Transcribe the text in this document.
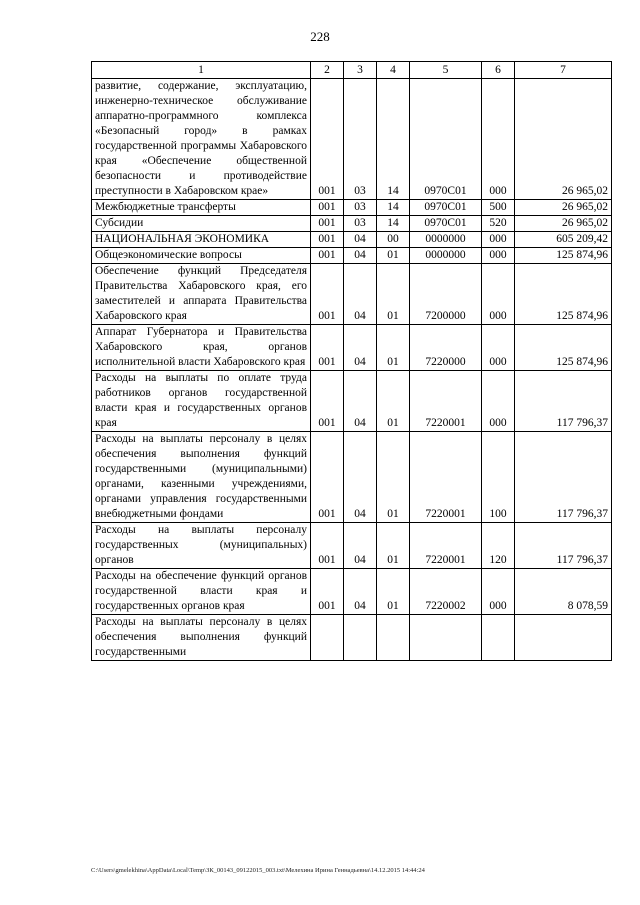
228
1	2	3	4	5	6	7
развитие, содержание, эксплуатацию, инженерно-техническое обслуживание аппаратно-программного комплекса «Безопасный город» в рамках государственной программы Хабаровского края «Обеспечение общественной безопасности и противодействие преступности в Хабаровском крае»	001	03	14	0970С01	000	26 965,02
Межбюджетные трансферты	001	03	14	0970С01	500	26 965,02
Субсидии	001	03	14	0970С01	520	26 965,02
НАЦИОНАЛЬНАЯ ЭКОНОМИКА	001	04	00	0000000	000	605 209,42
Общеэкономические вопросы	001	04	01	0000000	000	125 874,96
Обеспечение функций Председателя Правительства Хабаровского края, его заместителей и аппарата Правительства Хабаровского края	001	04	01	7200000	000	125 874,96
Аппарат Губернатора и Правительства Хабаровского края, органов исполнительной власти Хабаровского края	001	04	01	7220000	000	125 874,96
Расходы на выплаты по оплате труда работников органов государственной власти края и государственных органов края	001	04	01	7220001	000	117 796,37
Расходы на выплаты персоналу в целях обеспечения выполнения функций государственными (муниципальными) органами, казенными учреждениями, органами управления государственными внебюджетными фондами	001	04	01	7220001	100	117 796,37
Расходы на выплаты персоналу государственных (муниципальных) органов	001	04	01	7220001	120	117 796,37
Расходы на обеспечение функций органов государственной власти края и государственных органов края	001	04	01	7220002	000	8 078,59
Расходы на выплаты персоналу в целях обеспечения выполнения функций государственными						
C:\Users\gmelekhina\AppData\Local\Temp\ЗК_00143_09122015_003.txt\Мелехина Ирина Геннадьевна\14.12.2015 14:44:24
